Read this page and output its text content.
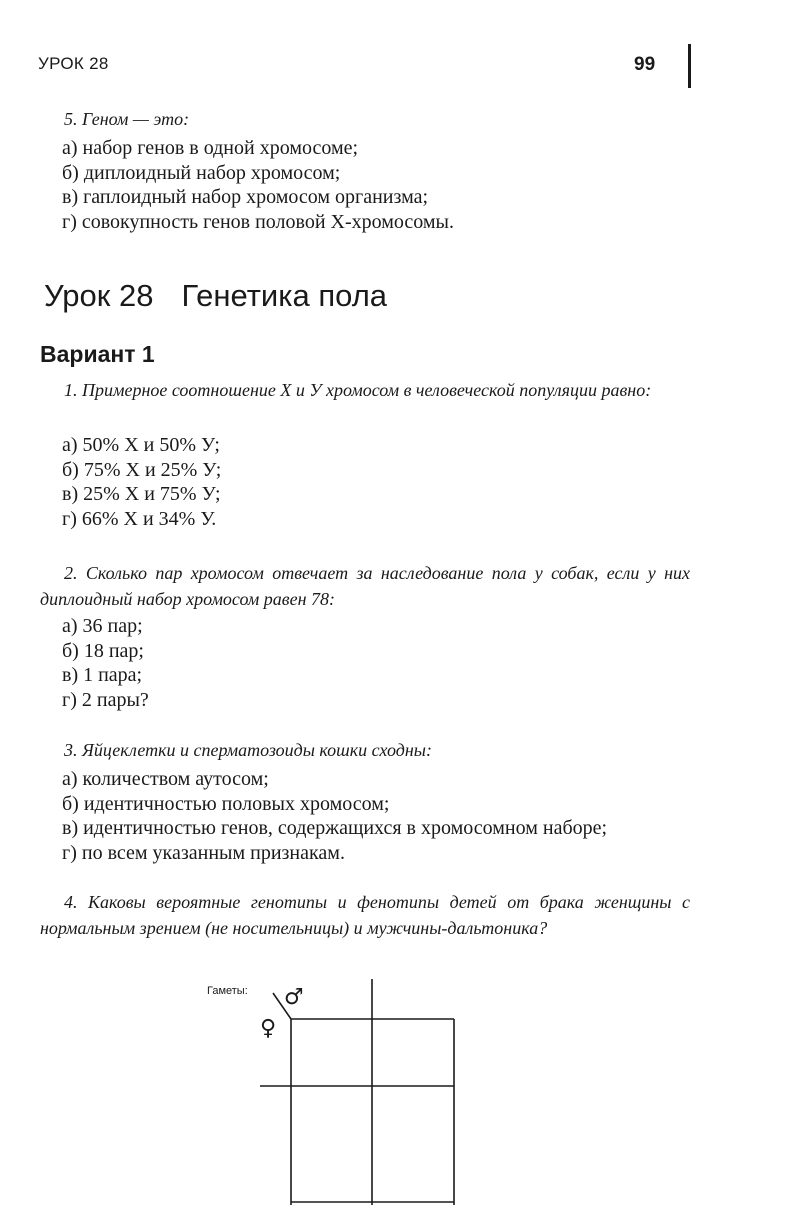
УРОК 28	99
5. Геном — это:

а) набор генов в одной хромосоме;

б) диплоидный набор хромосом;

в) гаплоидный набор хромосом организма;

г) совокупность генов половой Х-хромосомы.

Урок 28 Генетика пола
Вариант 1
1. Примерное соотношение Х и У хромосом в человеческой популяции равно:

а) 50% Х и 50% У;

б) 75% Х и 25% У;

в) 25% Х и 75% У;

г) 66% Х и 34% У.

2. Сколько пар хромосом отвечает за наследование пола у собак, если у них диплоидный набор хромосом равен 78:

а) 36 пар;

б) 18 пар;

в) 1 пара;

г) 2 пары?

3. Яйцеклетки и сперматозоиды кошки сходны:

а) количеством аутосом;

б) идентичностью половых хромосом;

в) идентичностью генов, содержащихся в хромосомном наборе;

г) по всем указанным признакам.

4. Каковы вероятные генотипы и фенотипы детей от брака женщины с нормальным зрением (не носительницы) и мужчины-дальтоника?
Гаметы: ♂
♀
